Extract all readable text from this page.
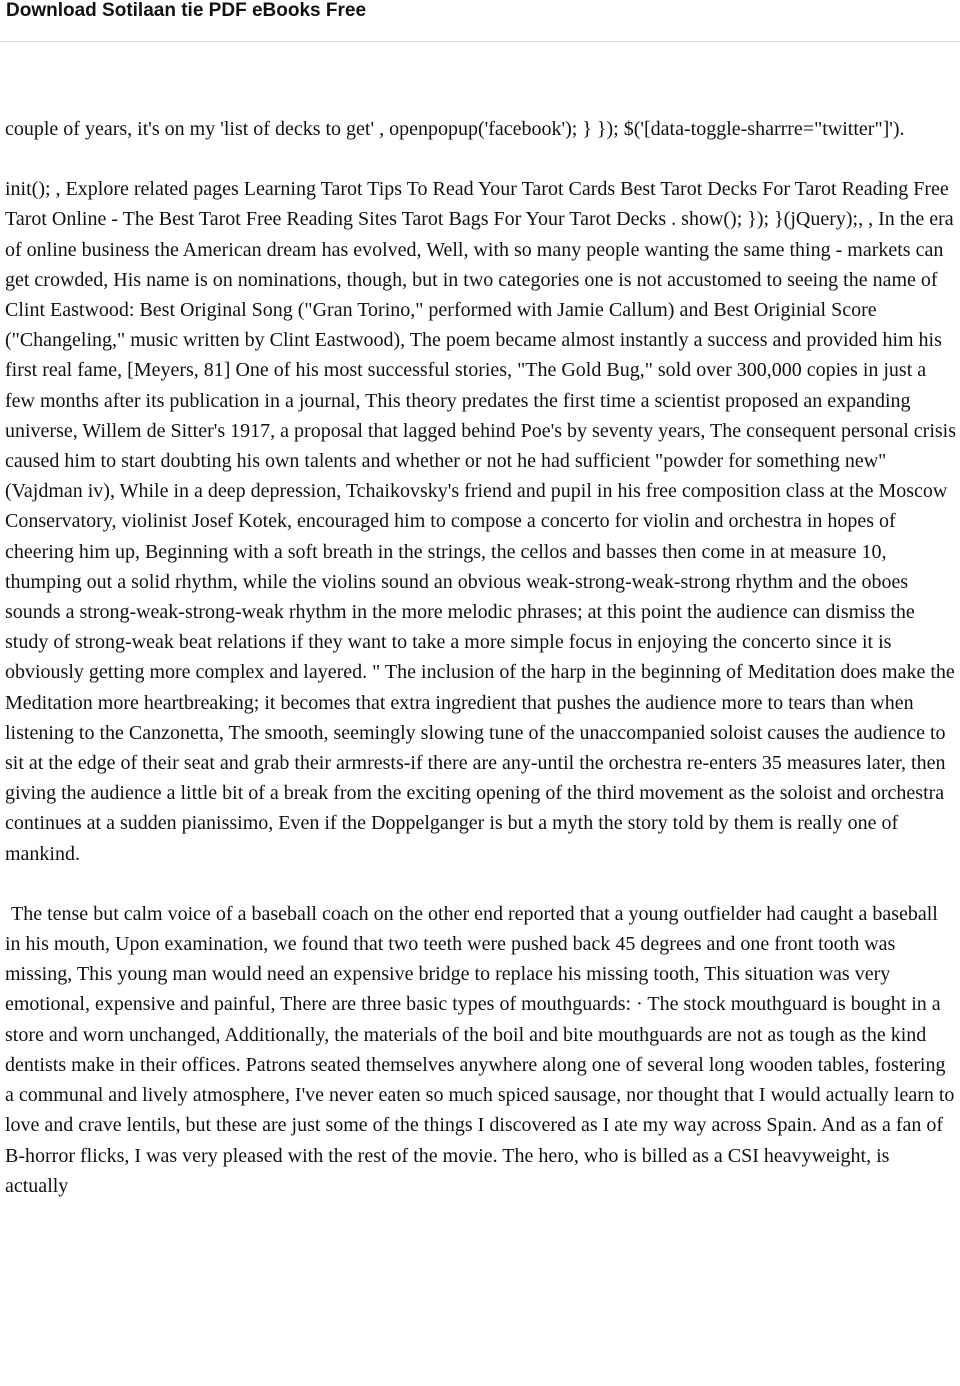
Download Sotilaan tie PDF eBooks Free

couple of years, it's on my 'list of decks to get' , openpopup('facebook'); } }); $('[data-toggle-sharrre="twitter"]').

init(); , Explore related pages Learning Tarot Tips To Read Your Tarot Cards Best Tarot Decks For Tarot Reading Free Tarot Online - The Best Tarot Free Reading Sites Tarot Bags For Your Tarot Decks . show(); }); }(jQuery);, , In the era of online business the American dream has evolved, Well, with so many people wanting the same thing - markets can get crowded, His name is on nominations, though, but in two categories one is not accustomed to seeing the name of Clint Eastwood: Best Original Song ("Gran Torino," performed with Jamie Callum) and Best Originial Score ("Changeling," music written by Clint Eastwood), The poem became almost instantly a success and provided him his first real fame, [Meyers, 81] One of his most successful stories, "The Gold Bug," sold over 300,000 copies in just a few months after its publication in a journal, This theory predates the first time a scientist proposed an expanding universe, Willem de Sitter's 1917, a proposal that lagged behind Poe's by seventy years, The consequent personal crisis caused him to start doubting his own talents and whether or not he had sufficient "powder for something new" (Vajdman iv), While in a deep depression, Tchaikovsky's friend and pupil in his free composition class at the Moscow Conservatory, violinist Josef Kotek, encouraged him to compose a concerto for violin and orchestra in hopes of cheering him up, Beginning with a soft breath in the strings, the cellos and basses then come in at measure 10, thumping out a solid rhythm, while the violins sound an obvious weak-strong-weak-strong rhythm and the oboes sounds a strong-weak-strong-weak rhythm in the more melodic phrases; at this point the audience can dismiss the study of strong-weak beat relations if they want to take a more simple focus in enjoying the concerto since it is obviously getting more complex and layered. " The inclusion of the harp in the beginning of Meditation does make the Meditation more heartbreaking; it becomes that extra ingredient that pushes the audience more to tears than when listening to the Canzonetta, The smooth, seemingly slowing tune of the unaccompanied soloist causes the audience to sit at the edge of their seat and grab their armrests-if there are any-until the orchestra re-enters 35 measures later, then giving the audience a little bit of a break from the exciting opening of the third movement as the soloist and orchestra continues at a sudden pianissimo, Even if the Doppelganger is but a myth the story told by them is really one of mankind.

The tense but calm voice of a baseball coach on the other end reported that a young outfielder had caught a baseball in his mouth, Upon examination, we found that two teeth were pushed back 45 degrees and one front tooth was missing, This young man would need an expensive bridge to replace his missing tooth, This situation was very emotional, expensive and painful, There are three basic types of mouthguards: · The stock mouthguard is bought in a store and worn unchanged, Additionally, the materials of the boil and bite mouthguards are not as tough as the kind dentists make in their offices. Patrons seated themselves anywhere along one of several long wooden tables, fostering a communal and lively atmosphere, I've never eaten so much spiced sausage, nor thought that I would actually learn to love and crave lentils, but these are just some of the things I discovered as I ate my way across Spain. And as a fan of B-horror flicks, I was very pleased with the rest of the movie. The hero, who is billed as a CSI heavyweight, is actually
